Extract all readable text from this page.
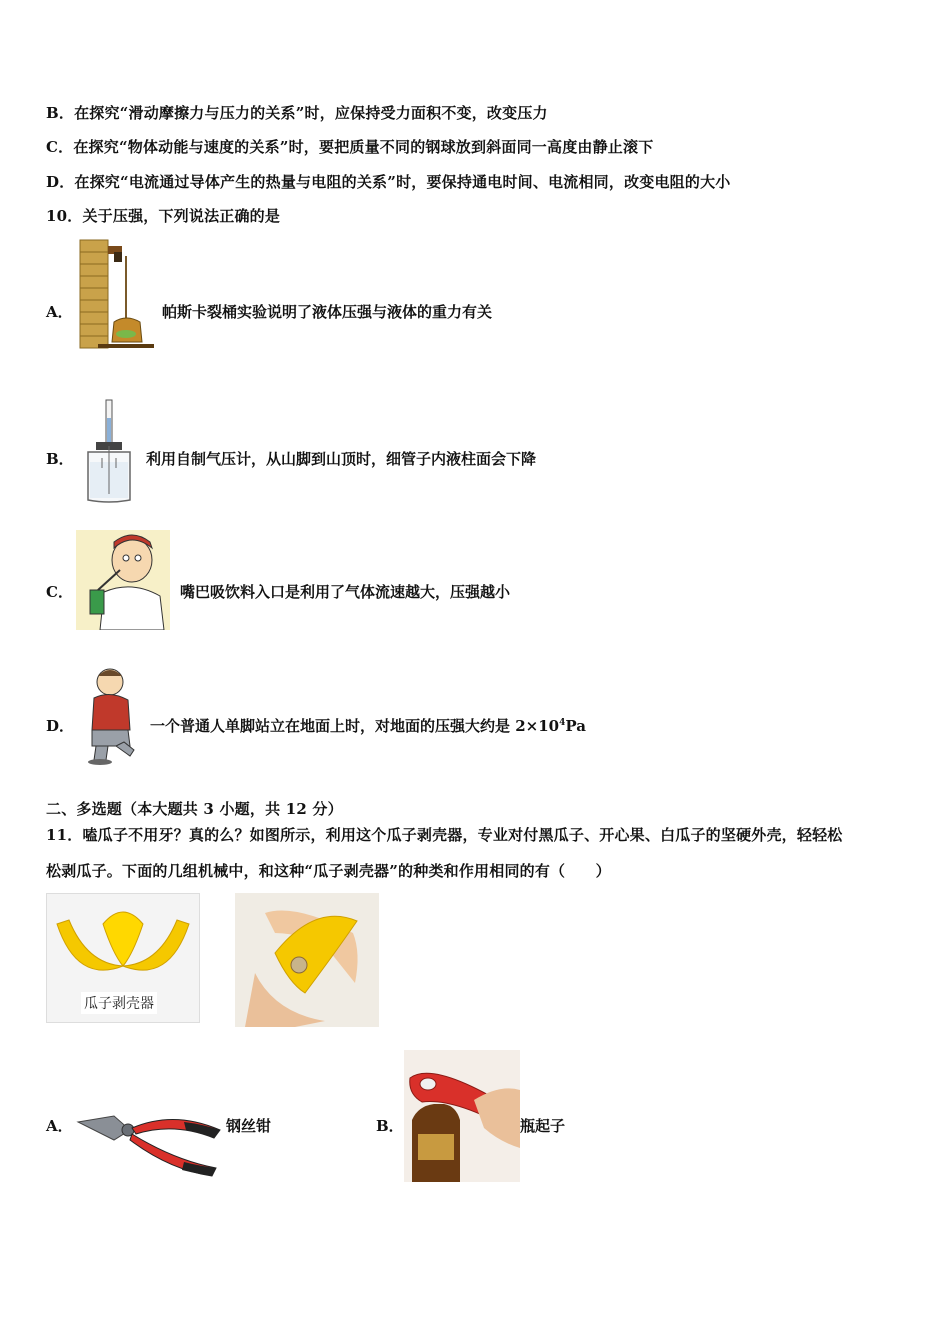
B．在探究“滑动摩擦力与压力的关系”时，应保持受力面积不变，改变压力
C．在探究“物体动能与速度的关系”时，要把质量不同的钢球放到斜面同一高度由静止滚下
D．在探究“电流通过导体产生的热量与电阻的关系”时，要保持通电时间、电流相同，改变电阻的大小
10．关于压强，下列说法正确的是
A．	帕斯卡裂桶实验说明了液体压强与液体的重力有关
B．	利用自制气压计，从山脚到山顶时，细管子内液柱面会下降
C．	嘴巴吸饮料入口是利用了气体流速越大，压强越小
D．	一个普通人单脚站立在地面上时，对地面的压强大约是 $2\times 10^4Pa$
二、多选题（本大题共 3 小题，共 12 分）
11．嗑瓜子不用牙？真的么？如图所示，利用这个瓜子剥壳器，专业对付黑瓜子、开心果、白瓜子的坚硬外壳，轻轻松
松剥瓜子。下面的几组机械中，和这种“瓜子剥壳器”的种类和作用相同的有（　　）
瓜子剥壳器
A．	钢丝钳	B．	瓶起子
